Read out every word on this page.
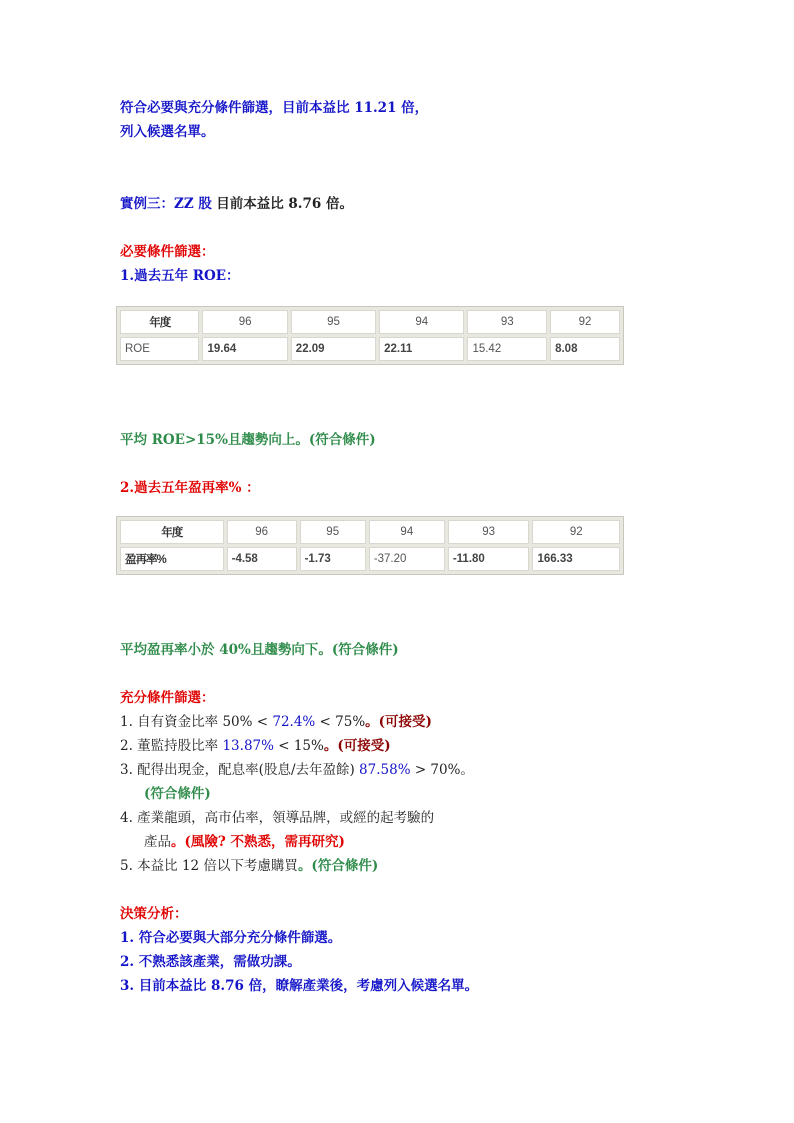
符合必要與充分條件篩選，目前本益比 11.21 倍，
列入候選名單。
實例三：ZZ 股 目前本益比 8.76 倍。
必要條件篩選：
1.過去五年 ROE：
年度	96	95	94	93	92
ROE	19.64	22.09	22.11	15.42	8.08
平均 ROE>15%且趨勢向上。(符合條件)
2.過去五年盈再率% ：
年度	96	95	94	93	92
盈再率%	-4.58	-1.73	-37.20	-11.80	166.33
平均盈再率小於 40%且趨勢向下。(符合條件)
充分條件篩選：
1. 自有資金比率 50% < 72.4% < 75%。(可接受)
2. 董監持股比率 13.87% < 15%。(可接受)
3. 配得出現金，配息率(股息/去年盈餘) 87.58% > 70%。
(符合條件)
4. 產業龍頭，高市佔率，領導品牌，或經的起考驗的
產品。(風險? 不熟悉，需再研究)
5. 本益比 12 倍以下考慮購買。(符合條件)
決策分析：
1. 符合必要與大部分充分條件篩選。
2. 不熟悉該產業，需做功課。
3. 目前本益比 8.76 倍，瞭解產業後，考慮列入候選名單。
